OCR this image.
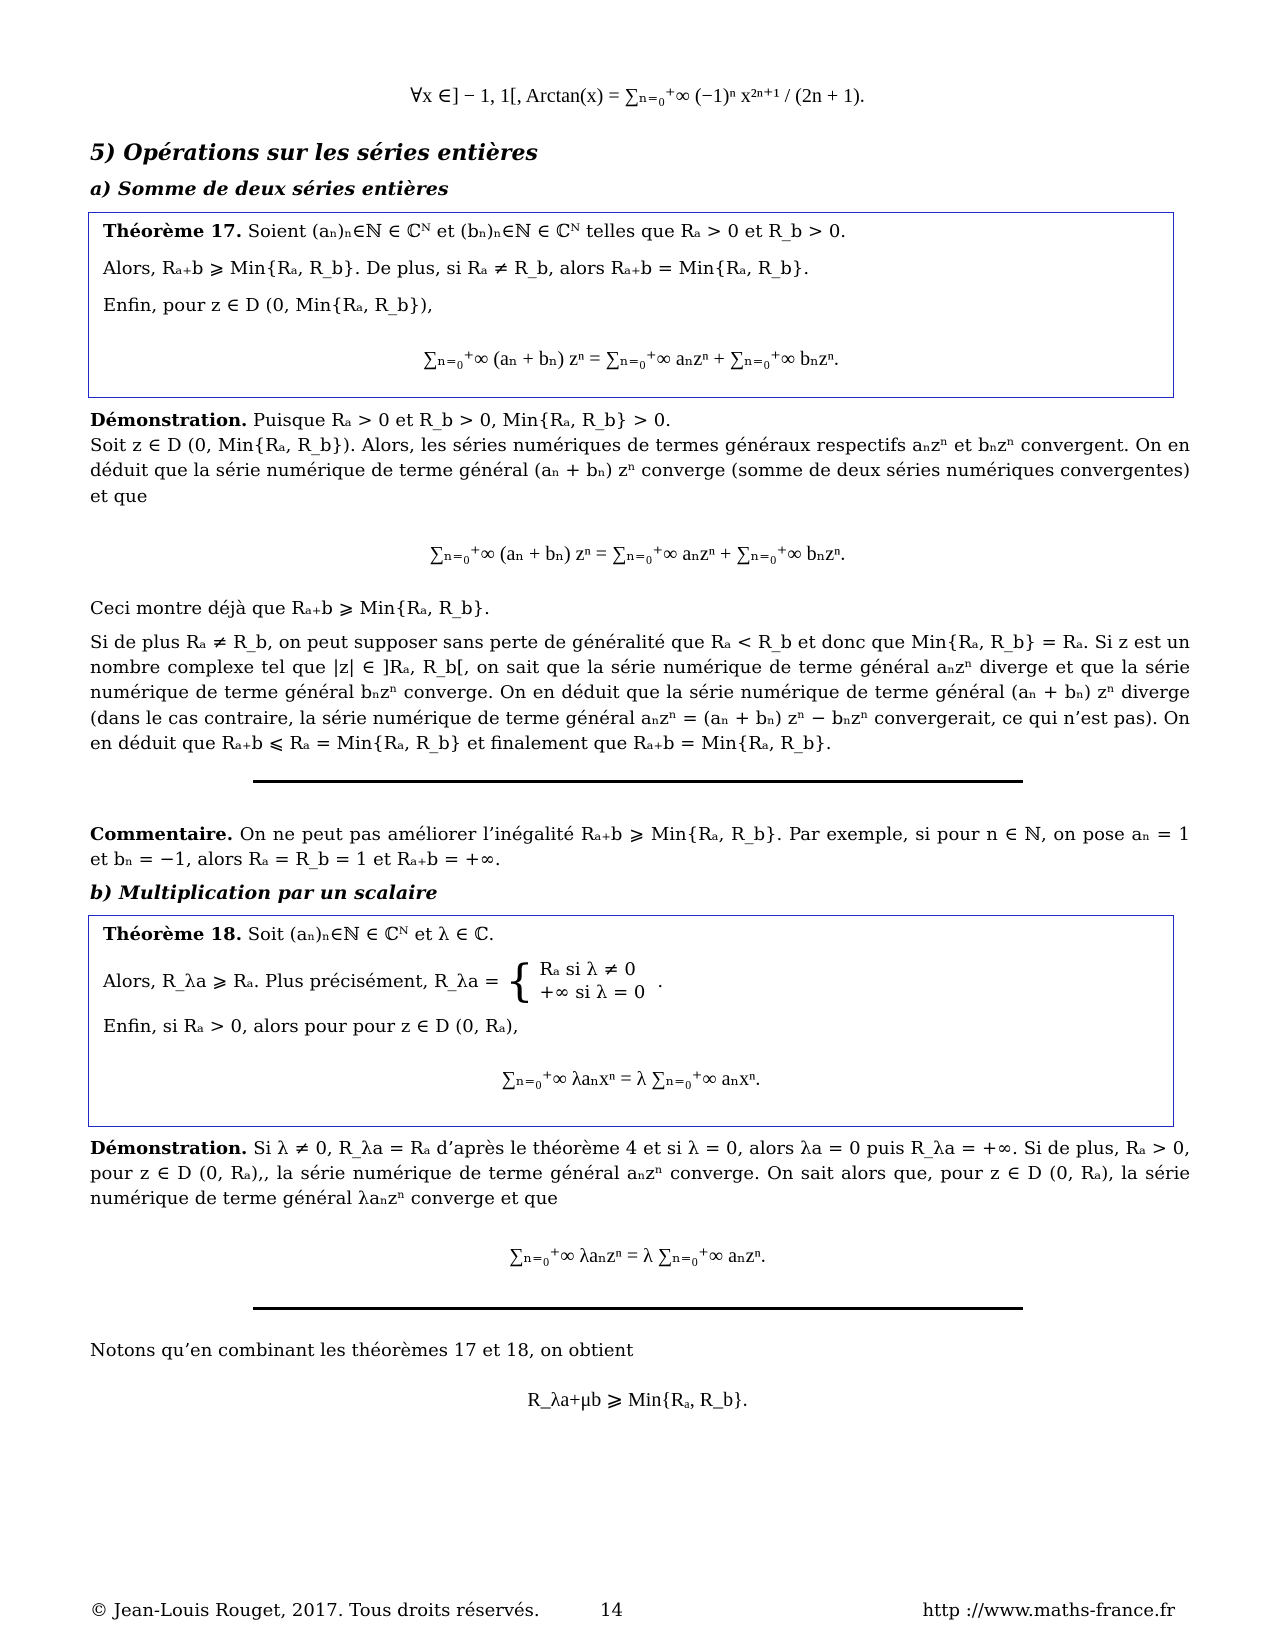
∀x ∈] − 1, 1[, Arctan(x) = ∑ₙ₌₀⁺∞ (−1)ⁿ x²ⁿ⁺¹ / (2n + 1).
5) Opérations sur les séries entières
a) Somme de deux séries entières

Théorème 17. Soient (aₙ)ₙ∈ℕ ∈ ℂᴺ et (bₙ)ₙ∈ℕ ∈ ℂᴺ telles que Rₐ > 0 et R_b > 0.

Alors, Rₐ₊b ⩾ Min{Rₐ, R_b}. De plus, si Rₐ ≠ R_b, alors Rₐ₊b = Min{Rₐ, R_b}.

Enfin, pour z ∈ D (0, Min{Rₐ, R_b}),

∑ₙ₌₀⁺∞ (aₙ + bₙ) zⁿ = ∑ₙ₌₀⁺∞ aₙzⁿ + ∑ₙ₌₀⁺∞ bₙzⁿ.

Démonstration. Puisque Rₐ > 0 et R_b > 0, Min{Rₐ, R_b} > 0.

Soit z ∈ D (0, Min{Rₐ, R_b}). Alors, les séries numériques de termes généraux respectifs aₙzⁿ et bₙzⁿ convergent. On en déduit que la série numérique de terme général (aₙ + bₙ) zⁿ converge (somme de deux séries numériques convergentes) et que

∑ₙ₌₀⁺∞ (aₙ + bₙ) zⁿ = ∑ₙ₌₀⁺∞ aₙzⁿ + ∑ₙ₌₀⁺∞ bₙzⁿ.
Ceci montre déjà que Rₐ₊b ⩾ Min{Rₐ, R_b}.
Si de plus Rₐ ≠ R_b, on peut supposer sans perte de généralité que Rₐ < R_b et donc que Min{Rₐ, R_b} = Rₐ. Si z est un nombre complexe tel que |z| ∈ ]Rₐ, R_b[, on sait que la série numérique de terme général aₙzⁿ diverge et que la série numérique de terme général bₙzⁿ converge. On en déduit que la série numérique de terme général (aₙ + bₙ) zⁿ diverge (dans le cas contraire, la série numérique de terme général aₙzⁿ = (aₙ + bₙ) zⁿ − bₙzⁿ convergerait, ce qui n’est pas). On en déduit que Rₐ₊b ⩽ Rₐ = Min{Rₐ, R_b} et finalement que Rₐ₊b = Min{Rₐ, R_b}.
Commentaire. On ne peut pas améliorer l’inégalité Rₐ₊b ⩾ Min{Rₐ, R_b}. Par exemple, si pour n ∈ ℕ, on pose aₙ = 1 et bₙ = −1, alors Rₐ = R_b = 1 et Rₐ₊b = +∞.
b) Multiplication par un scalaire

Théorème 18. Soit (aₙ)ₙ∈ℕ ∈ ℂᴺ et λ ∈ ℂ.

Alors, R_λa ⩾ Rₐ. Plus précisément, R_λa = { Rₐ si λ ≠ 0
+∞ si λ = 0
.

Enfin, si Rₐ > 0, alors pour pour z ∈ D (0, Rₐ),

∑ₙ₌₀⁺∞ λaₙxⁿ = λ ∑ₙ₌₀⁺∞ aₙxⁿ.
Démonstration. Si λ ≠ 0, R_λa = Rₐ d’après le théorème 4 et si λ = 0, alors λa = 0 puis R_λa = +∞. Si de plus, Rₐ > 0, pour z ∈ D (0, Rₐ),, la série numérique de terme général aₙzⁿ converge. On sait alors que, pour z ∈ D (0, Rₐ), la série numérique de terme général λaₙzⁿ converge et que
∑ₙ₌₀⁺∞ λaₙzⁿ = λ ∑ₙ₌₀⁺∞ aₙzⁿ.
Notons qu’en combinant les théorèmes 17 et 18, on obtient
R_λa+μb ⩾ Min{Rₐ, R_b}.
© Jean-Louis Rouget, 2017. Tous droits réservés.	14	http ://www.maths-france.fr
